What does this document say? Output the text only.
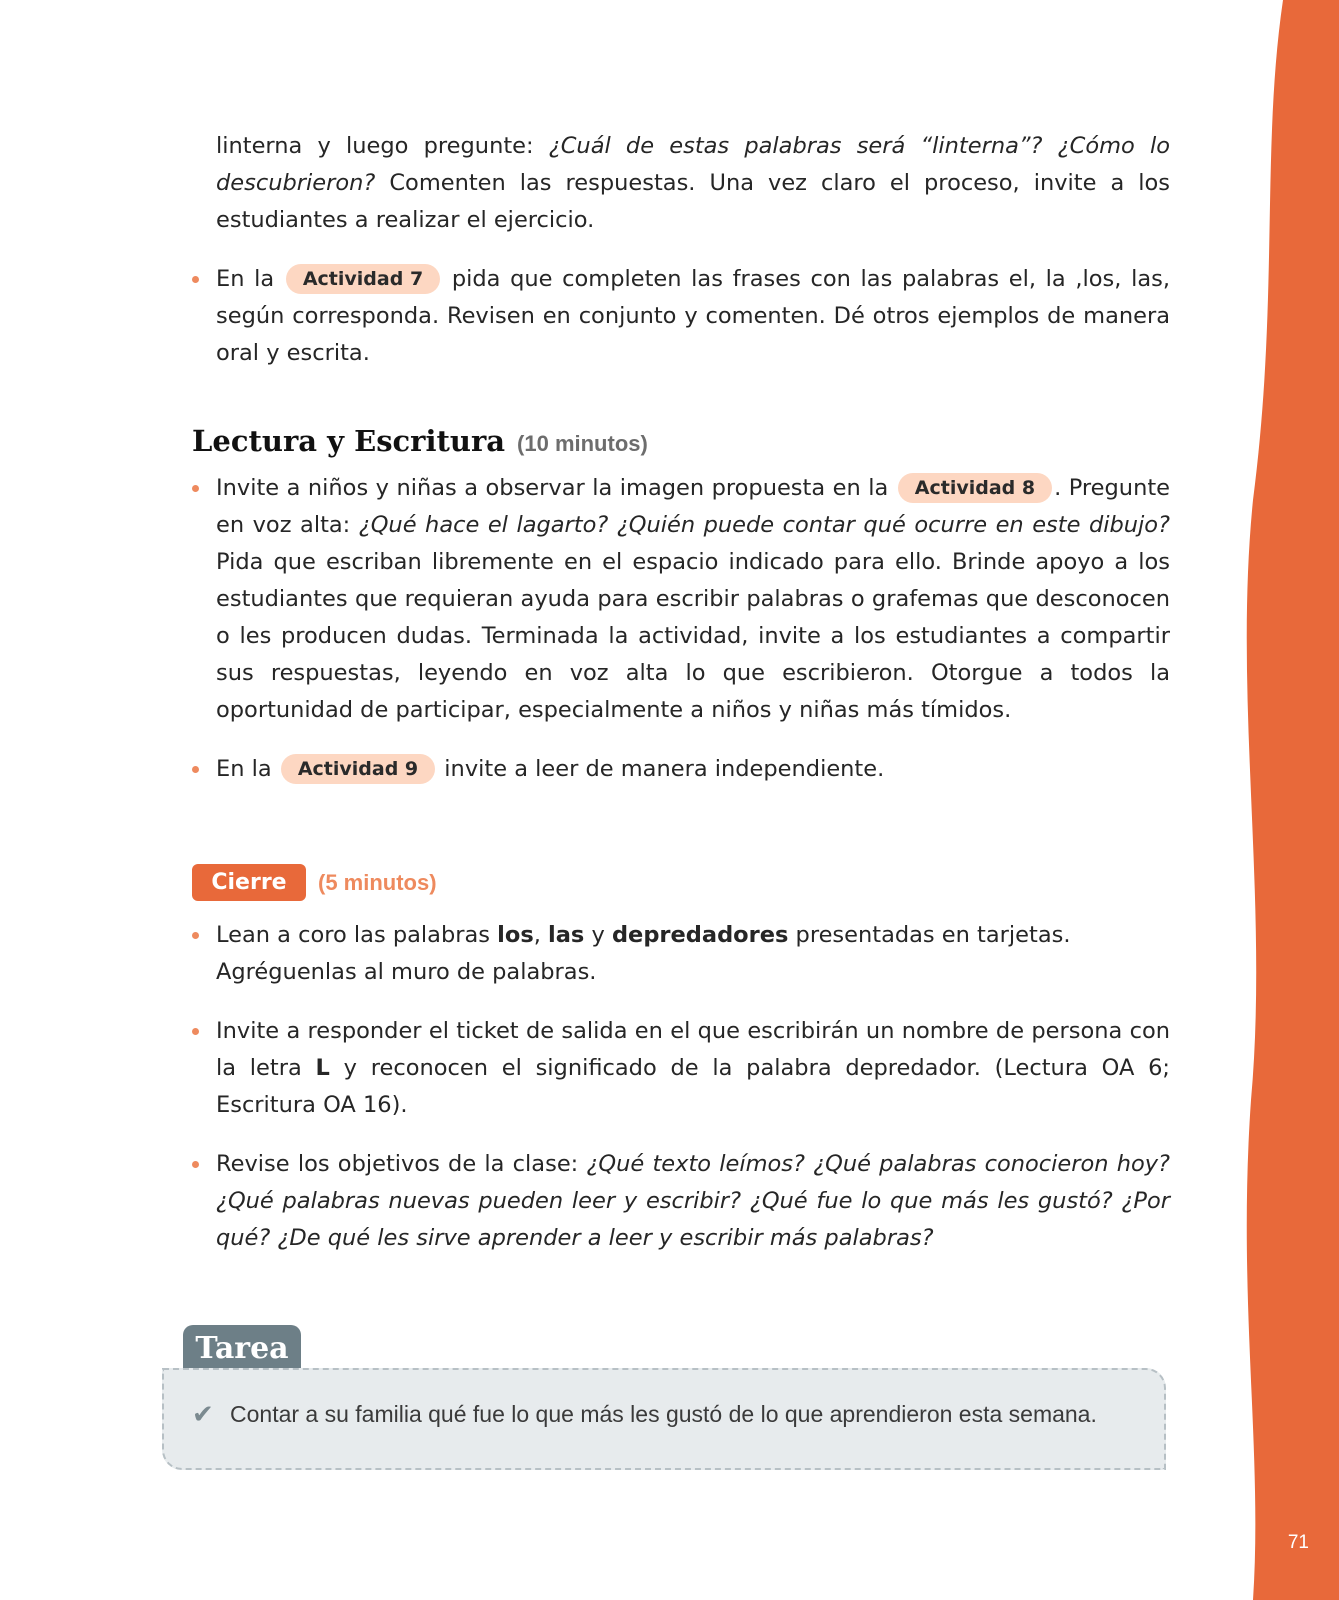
71

linterna y luego pregunte: ¿Cuál de estas palabras será “linterna”? ¿Cómo lo descubrieron? Comenten las respuestas. Una vez claro el proceso, invite a los estudiantes a realizar el ejercicio.

En la Actividad 7 pida que completen las frases con las palabras el, la ,los, las, según corresponda. Revisen en conjunto y comenten. Dé otros ejemplos de manera oral y escrita.

Lectura y Escritura (10 minutos)

Invite a niños y niñas a observar la imagen propuesta en la Actividad 8 . Pregunte en voz alta: ¿Qué hace el lagarto? ¿Quién puede contar qué ocurre en este dibujo? Pida que escriban libremente en el espacio indicado para ello. Brinde apoyo a los estudiantes que requieran ayuda para escribir palabras o grafemas que desconocen o les producen dudas. Terminada la actividad, invite a los estudiantes a compartir sus respuestas, leyendo en voz alta lo que escribieron. Otorgue a todos la oportunidad de participar, especialmente a niños y niñas más tímidos.

En la Actividad 9 invite a leer de manera independiente.

Cierre	(5 minutos)

Lean a coro las palabras los, las y depredadores presentadas en tarjetas. Agréguenlas al muro de palabras.

Invite a responder el ticket de salida en el que escribirán un nombre de persona con la letra L y reconocen el significado de la palabra depredador. (Lectura OA 6; Escritura OA 16).

Revise los objetivos de la clase: ¿Qué texto leímos? ¿Qué palabras conocieron hoy? ¿Qué palabras nuevas pueden leer y escribir? ¿Qué fue lo que más les gustó? ¿Por qué? ¿De qué les sirve aprender a leer y escribir más palabras?

Tarea
✔ Contar a su familia qué fue lo que más les gustó de lo que aprendieron esta semana.
